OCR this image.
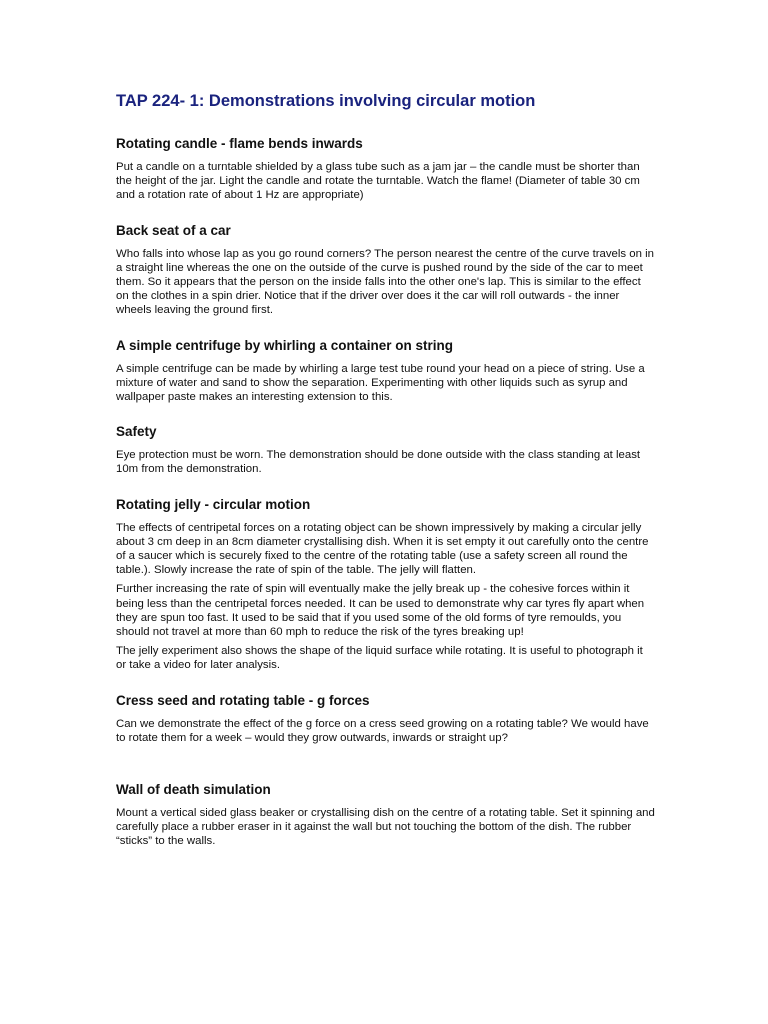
TAP 224- 1: Demonstrations involving circular motion
Rotating candle - flame bends inwards

Put a candle on a turntable shielded by a glass tube such as a jam jar – the candle must be shorter than the height of the jar. Light the candle and rotate the turntable. Watch the flame! (Diameter of table 30 cm and a rotation rate of about 1 Hz are appropriate)

Back seat of a car

Who falls into whose lap as you go round corners? The person nearest the centre of the curve travels on in a straight line whereas the one on the outside of the curve is pushed round by the side of the car to meet them. So it appears that the person on the inside falls into the other one's lap. This is similar to the effect on the clothes in a spin drier. Notice that if the driver over does it the car will roll outwards - the inner wheels leaving the ground first.

A simple centrifuge by whirling a container on string

A simple centrifuge can be made by whirling a large test tube round your head on a piece of string. Use a mixture of water and sand to show the separation. Experimenting with other liquids such as syrup and wallpaper paste makes an interesting extension to this.

Safety

Eye protection must be worn. The demonstration should be done outside with the class standing at least 10m from the demonstration.

Rotating jelly - circular motion

The effects of centripetal forces on a rotating object can be shown impressively by making a circular jelly about 3 cm deep in an 8cm diameter crystallising dish. When it is set empty it out carefully onto the centre of a saucer which is securely fixed to the centre of the rotating table (use a safety screen all round the table.). Slowly increase the rate of spin of the table. The jelly will flatten.

Further increasing the rate of spin will eventually make the jelly break up - the cohesive forces within it being less than the centripetal forces needed. It can be used to demonstrate why car tyres fly apart when they are spun too fast. It used to be said that if you used some of the old forms of tyre remoulds, you should not travel at more than 60 mph to reduce the risk of the tyres breaking up!

The jelly experiment also shows the shape of the liquid surface while rotating. It is useful to photograph it or take a video for later analysis.

Cress seed and rotating table - g forces

Can we demonstrate the effect of the g force on a cress seed growing on a rotating table? We would have to rotate them for a week – would they grow outwards, inwards or straight up?

Wall of death simulation

Mount a vertical sided glass beaker or crystallising dish on the centre of a rotating table. Set it spinning and carefully place a rubber eraser in it against the wall but not touching the bottom of the dish. The rubber “sticks” to the walls.
